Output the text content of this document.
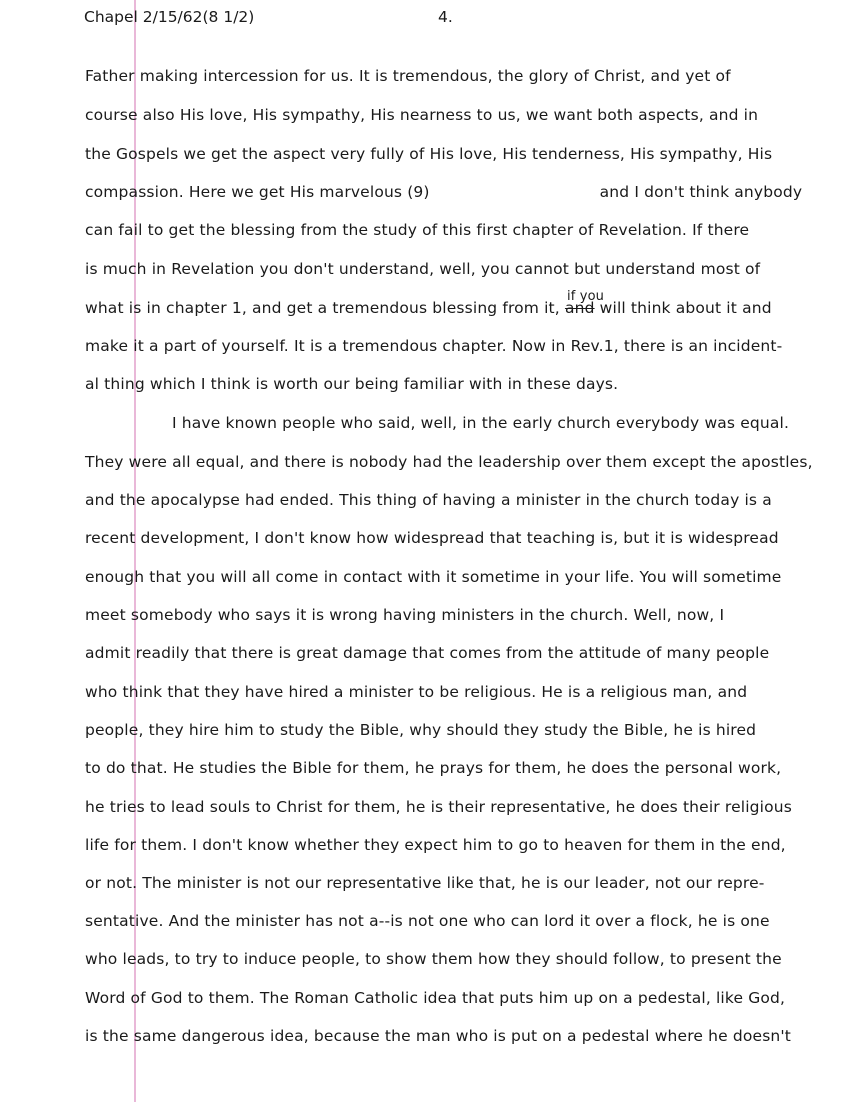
Chapel 2/15/62(8 1/2)	4.
Father making intercession for us. It is tremendous, the glory of Christ, and yet of
course also His love, His sympathy, His nearness to us, we want both aspects, and in
the Gospels we get the aspect very fully of His love, His tenderness, His sympathy, His
compassion. Here we get His marvelous (9)	and I don't think anybody
can fail to get the blessing from the study of this first chapter of Revelation. If there
is much in Revelation you don't understand, well, you cannot but understand most of
what is in chapter 1, and get a tremendous blessing from it,
if you
and will think about it and
make it a part of yourself. It is a tremendous chapter. Now in Rev.1, there is an incident-
al thing which I think is worth our being familiar with in these days.
I have known people who said, well, in the early church everybody was equal.
They were all equal, and there is nobody had the leadership over them except the apostles,
and the apocalypse had ended. This thing of having a minister in the church today is a
recent development, I don't know how widespread that teaching is, but it is widespread
enough that you will all come in contact with it sometime in your life. You will sometime
meet somebody who says it is wrong having ministers in the church. Well, now, I
admit readily that there is great damage that comes from the attitude of many people
who think that they have hired a minister to be religious. He is a religious man, and
people, they hire him to study the Bible, why should they study the Bible, he is hired
to do that. He studies the Bible for them, he prays for them, he does the personal work,
he tries to lead souls to Christ for them, he is their representative, he does their religious
life for them. I don't know whether they expect him to go to heaven for them in the end,
or not. The minister is not our representative like that, he is our leader, not our repre-
sentative. And the minister has not a--is not one who can lord it over a flock, he is one
who leads, to try to induce people, to show them how they should follow, to present the
Word of God to them. The Roman Catholic idea that puts him up on a pedestal, like God,
is the same dangerous idea, because the man who is put on a pedestal where he doesn't
